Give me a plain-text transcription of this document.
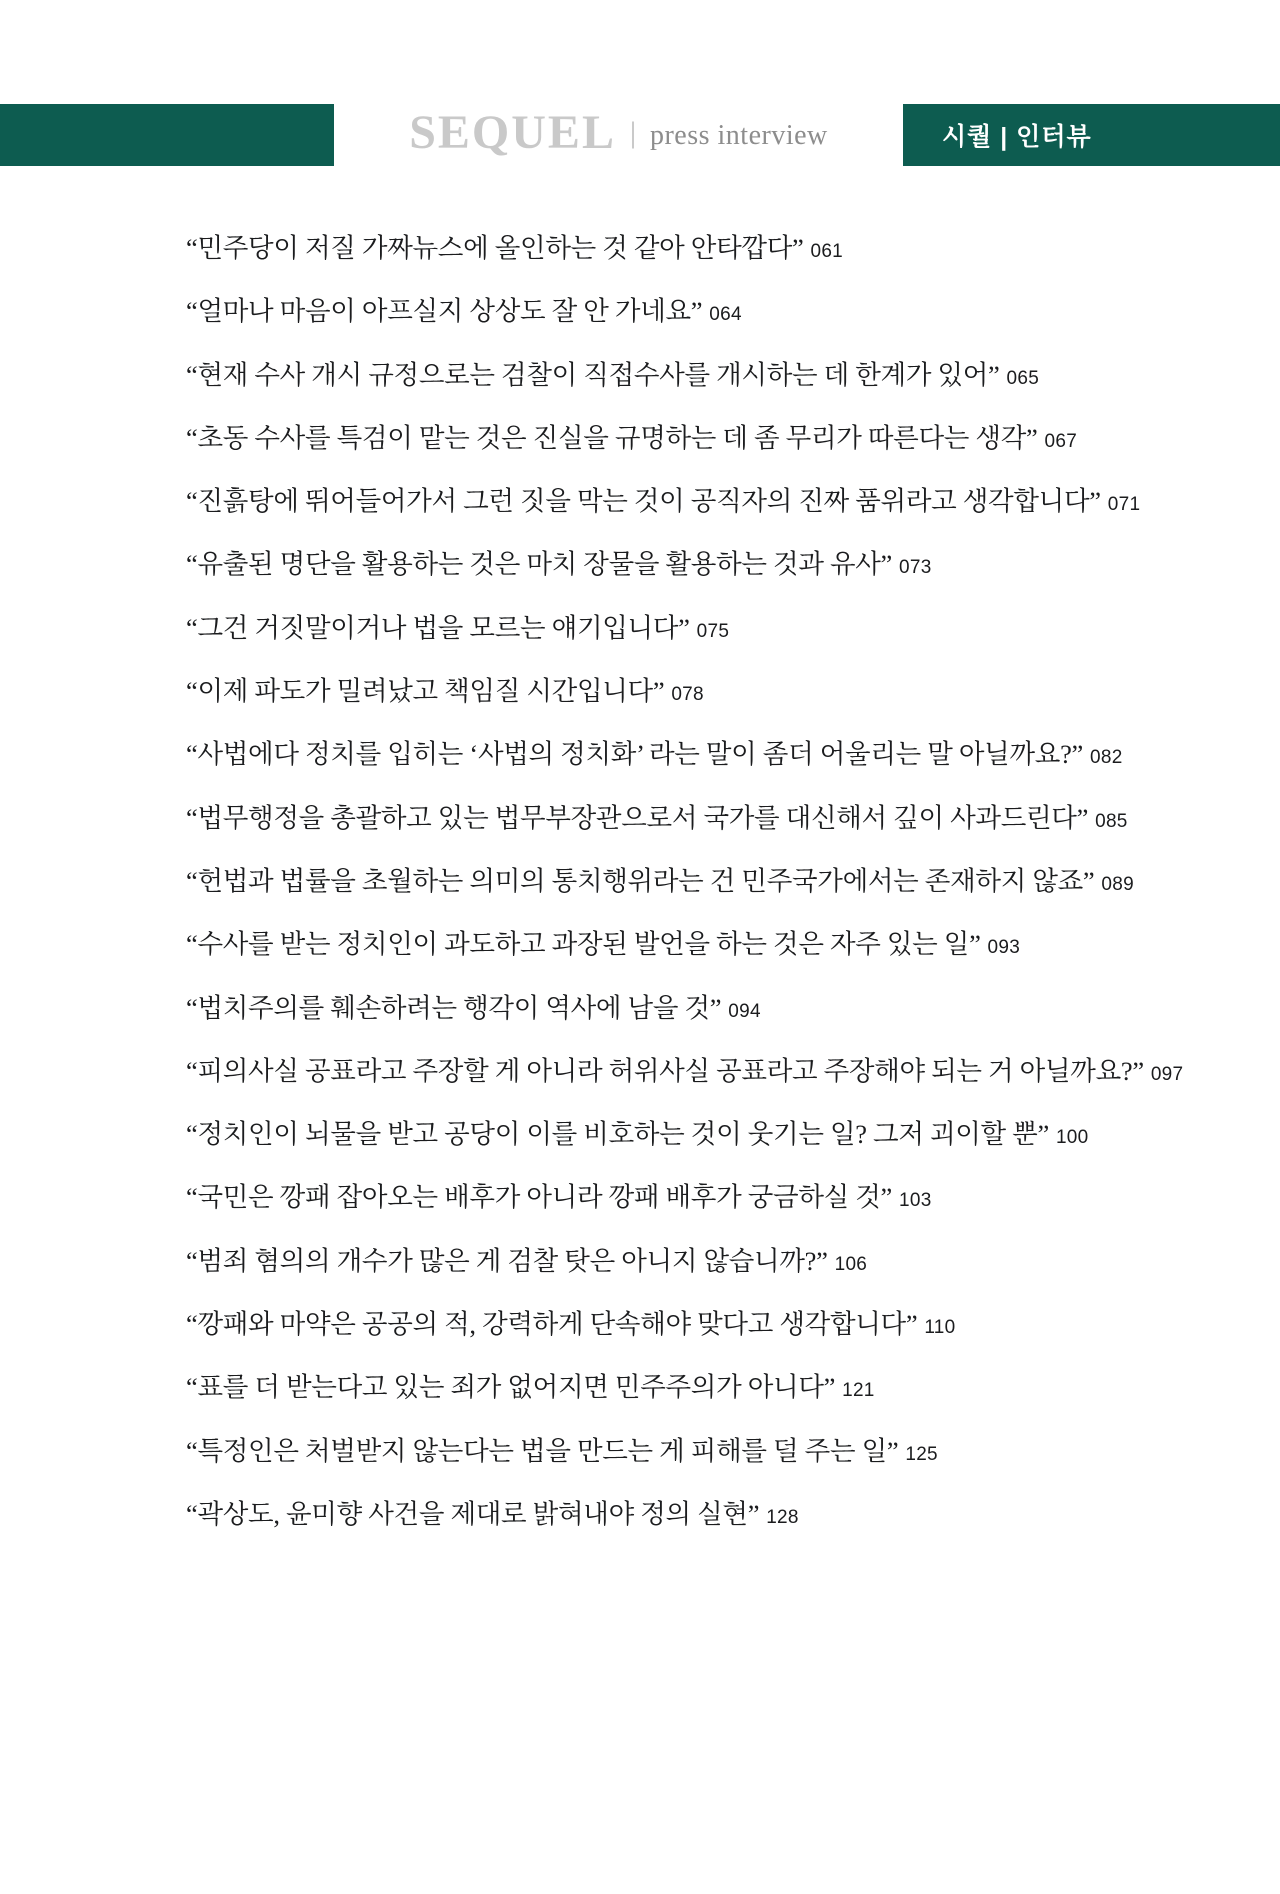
SEQUEL | press interview	시퀄 | 인터뷰
“민주당이 저질 가짜뉴스에 올인하는 것 같아 안타깝다” 061
“얼마나 마음이 아프실지 상상도 잘 안 가네요” 064
“현재 수사 개시 규정으로는 검찰이 직접수사를 개시하는 데 한계가 있어” 065
“초동 수사를 특검이 맡는 것은 진실을 규명하는 데 좀 무리가 따른다는 생각” 067
“진흙탕에 뛰어들어가서 그런 짓을 막는 것이 공직자의 진짜 품위라고 생각합니다” 071
“유출된 명단을 활용하는 것은 마치 장물을 활용하는 것과 유사” 073
“그건 거짓말이거나 법을 모르는 얘기입니다” 075
“이제 파도가 밀려났고 책임질 시간입니다” 078
“사법에다 정치를 입히는 ‘사법의 정치화’ 라는 말이 좀더 어울리는 말 아닐까요?” 082
“법무행정을 총괄하고 있는 법무부장관으로서 국가를 대신해서 깊이 사과드린다” 085
“헌법과 법률을 초월하는 의미의 통치행위라는 건 민주국가에서는 존재하지 않죠” 089
“수사를 받는 정치인이 과도하고 과장된 발언을 하는 것은 자주 있는 일” 093
“법치주의를 훼손하려는 행각이 역사에 남을 것” 094
“피의사실 공표라고 주장할 게 아니라 허위사실 공표라고 주장해야 되는 거 아닐까요?” 097
“정치인이 뇌물을 받고 공당이 이를 비호하는 것이 웃기는 일? 그저 괴이할 뿐” 100
“국민은 깡패 잡아오는 배후가 아니라 깡패 배후가 궁금하실 것” 103
“범죄 혐의의 개수가 많은 게 검찰 탓은 아니지 않습니까?” 106
“깡패와 마약은 공공의 적, 강력하게 단속해야 맞다고 생각합니다” 110
“표를 더 받는다고 있는 죄가 없어지면 민주주의가 아니다” 121
“특정인은 처벌받지 않는다는 법을 만드는 게 피해를 덜 주는 일” 125
“곽상도, 윤미향 사건을 제대로 밝혀내야 정의 실현” 128
